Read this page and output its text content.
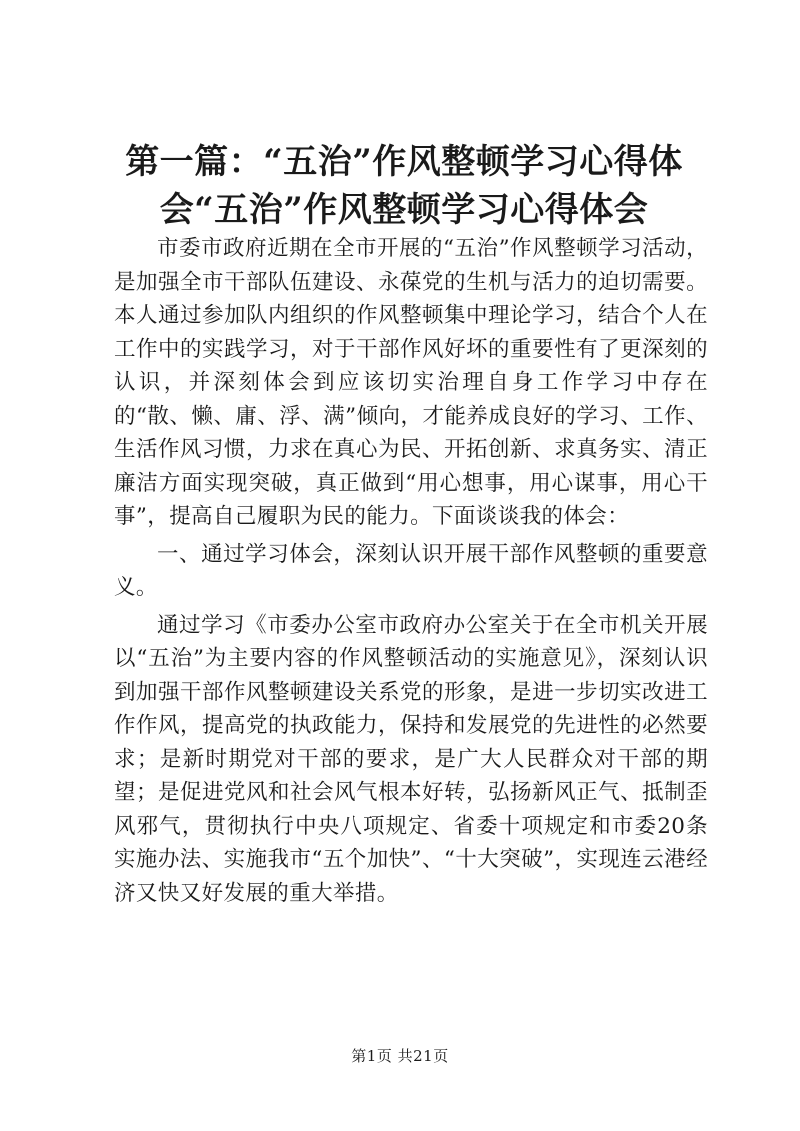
第一篇：“五治”作风整顿学习心得体会“五治”作风整顿学习心得体会

市委市政府近期在全市开展的“五治”作风整顿学习活动，是加强全市干部队伍建设、永葆党的生机与活力的迫切需要。本人通过参加队内组织的作风整顿集中理论学习，结合个人在工作中的实践学习，对于干部作风好坏的重要性有了更深刻的认识，并深刻体会到应该切实治理自身工作学习中存在的“散、懒、庸、浮、满”倾向，才能养成良好的学习、工作、生活作风习惯，力求在真心为民、开拓创新、求真务实、清正廉洁方面实现突破，真正做到“用心想事，用心谋事，用心干事”，提高自己履职为民的能力。下面谈谈我的体会：

一、通过学习体会，深刻认识开展干部作风整顿的重要意义。

通过学习《市委办公室市政府办公室关于在全市机关开展以“五治”为主要内容的作风整顿活动的实施意见》，深刻认识到加强干部作风整顿建设关系党的形象，是进一步切实改进工作作风，提高党的执政能力，保持和发展党的先进性的必然要求；是新时期党对干部的要求，是广大人民群众对干部的期望；是促进党风和社会风气根本好转，弘扬新风正气、抵制歪风邪气，贯彻执行中央八项规定、省委十项规定和市委20条实施办法、实施我市“五个加快”、“十大突破”，实现连云港经济又快又好发展的重大举措。

第1页 共21页
